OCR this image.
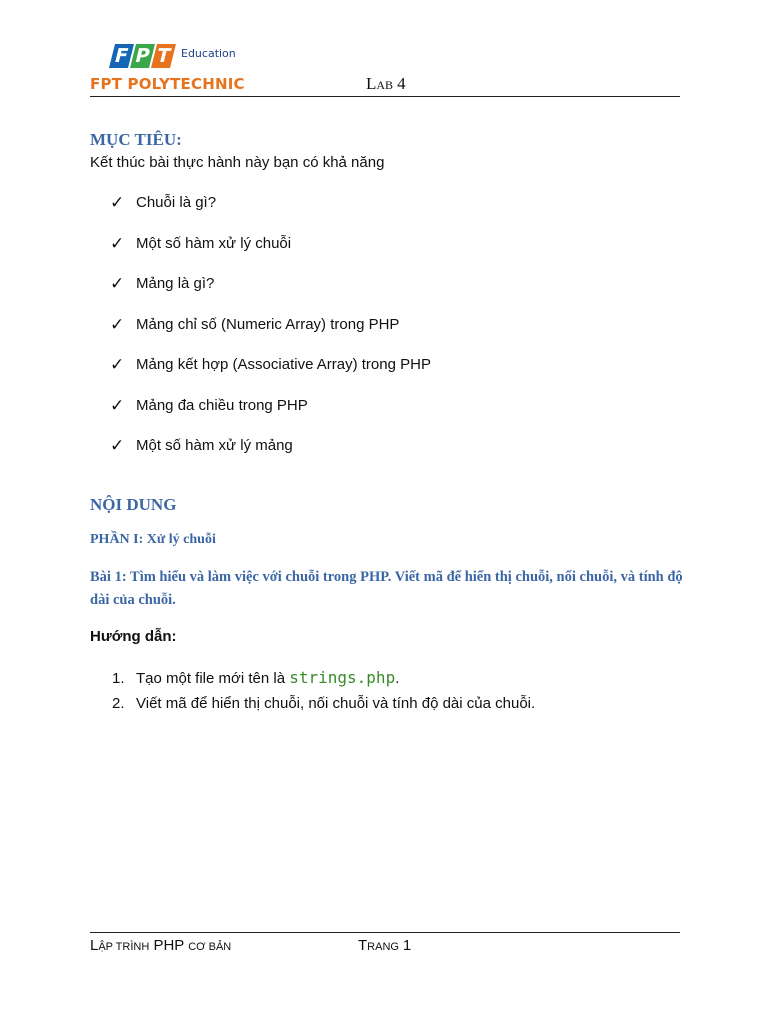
F P T Education
FPT POLYTECHNIC	LAB 4
MỤC TIÊU:
Kết thúc bài thực hành này bạn có khả năng
✓ Chuỗi là gì?
✓ Một số hàm xử lý chuỗi
✓ Mảng là gì?
✓ Mảng chỉ số (Numeric Array) trong PHP
✓ Mảng kết hợp (Associative Array) trong PHP
✓ Mảng đa chiều trong PHP
✓ Một số hàm xử lý mảng
NỘI DUNG
PHẦN I: Xử lý chuỗi
Bài 1: Tìm hiểu và làm việc với chuỗi trong PHP. Viết mã để hiển thị chuỗi, nối chuỗi, và tính độ dài của chuỗi.
Hướng dẫn:
1. Tạo một file mới tên là strings.php.
2. Viết mã để hiển thị chuỗi, nối chuỗi và tính độ dài của chuỗi.
LẬP TRÌNH PHP CƠ BẢN	TRANG 1
